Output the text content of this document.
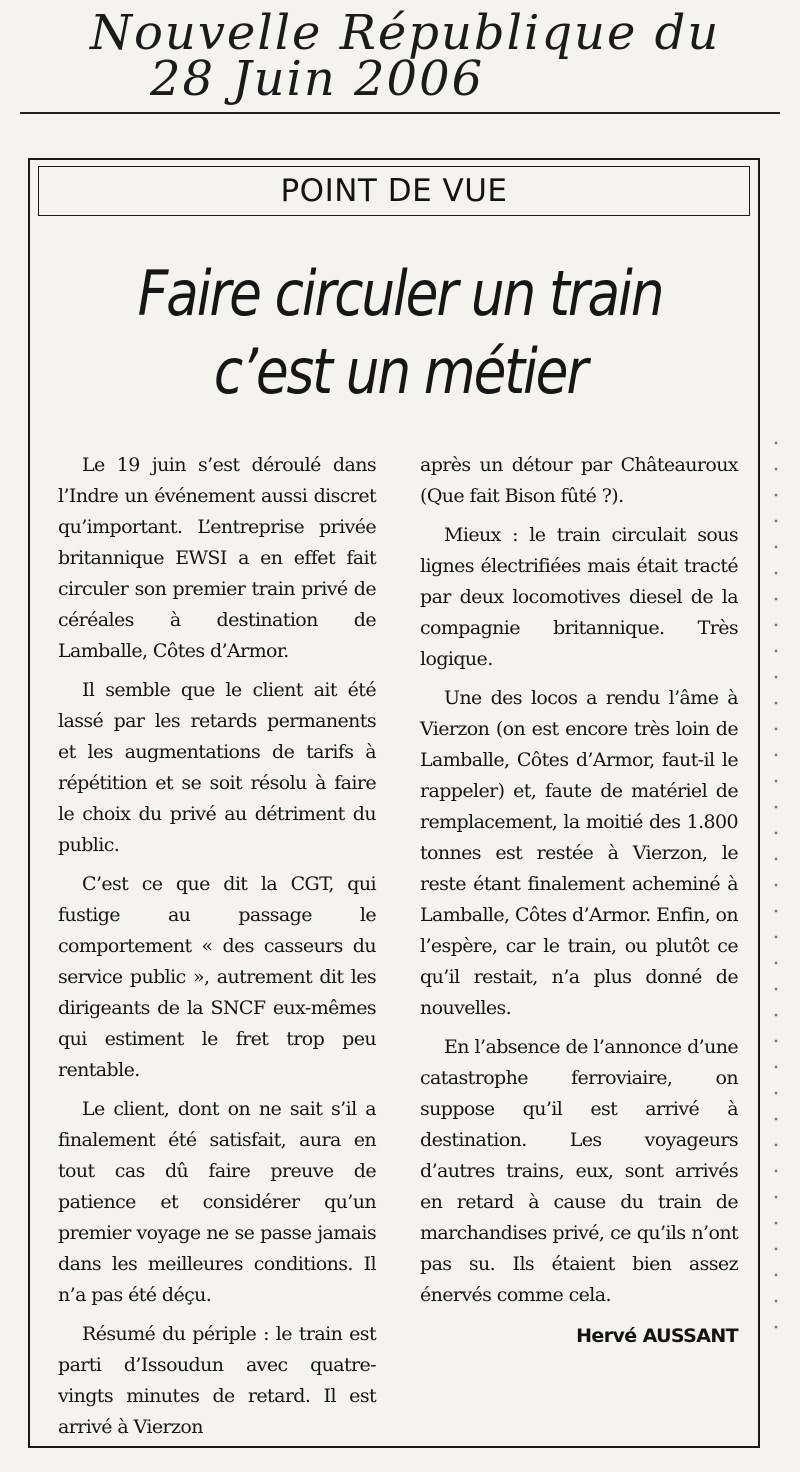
Nouvelle République du
28 Juin 2006
POINT DE VUE
Faire circuler un train
c’est un métier

Le 19 juin s’est déroulé dans l’Indre un événement aussi discret qu’important. L’entreprise privée britannique EWSI a en effet fait circuler son premier train privé de céréales à destination de Lamballe, Côtes d’Armor.

Il semble que le client ait été lassé par les retards permanents et les augmentations de tarifs à répétition et se soit résolu à faire le choix du privé au détriment du public.

C’est ce que dit la CGT, qui fustige au passage le comportement « des casseurs du service public », autrement dit les dirigeants de la SNCF eux-mêmes qui estiment le fret trop peu rentable.

Le client, dont on ne sait s’il a finalement été satisfait, aura en tout cas dû faire preuve de patience et considérer qu’un premier voyage ne se passe jamais dans les meilleures conditions. Il n’a pas été déçu.

Résumé du périple : le train est parti d’Issoudun avec quatre-vingts minutes de retard. Il est arrivé à Vierzon

après un détour par Châteauroux (Que fait Bison fûté ?).

Mieux : le train circulait sous lignes électrifiées mais était tracté par deux locomotives diesel de la compagnie britannique. Très logique.

Une des locos a rendu l’âme à Vierzon (on est encore très loin de Lamballe, Côtes d’Armor, faut-il le rappeler) et, faute de matériel de remplacement, la moitié des 1.800 tonnes est restée à Vierzon, le reste étant finalement acheminé à Lamballe, Côtes d’Armor. Enfin, on l’espère, car le train, ou plutôt ce qu’il restait, n’a plus donné de nouvelles.

En l’absence de l’annonce d’une catastrophe ferroviaire, on suppose qu’il est arrivé à destination. Les voyageurs d’autres trains, eux, sont arrivés en retard à cause du train de marchandises privé, ce qu’ils n’ont pas su. Ils étaient bien assez énervés comme cela.

Hervé AUSSANT
